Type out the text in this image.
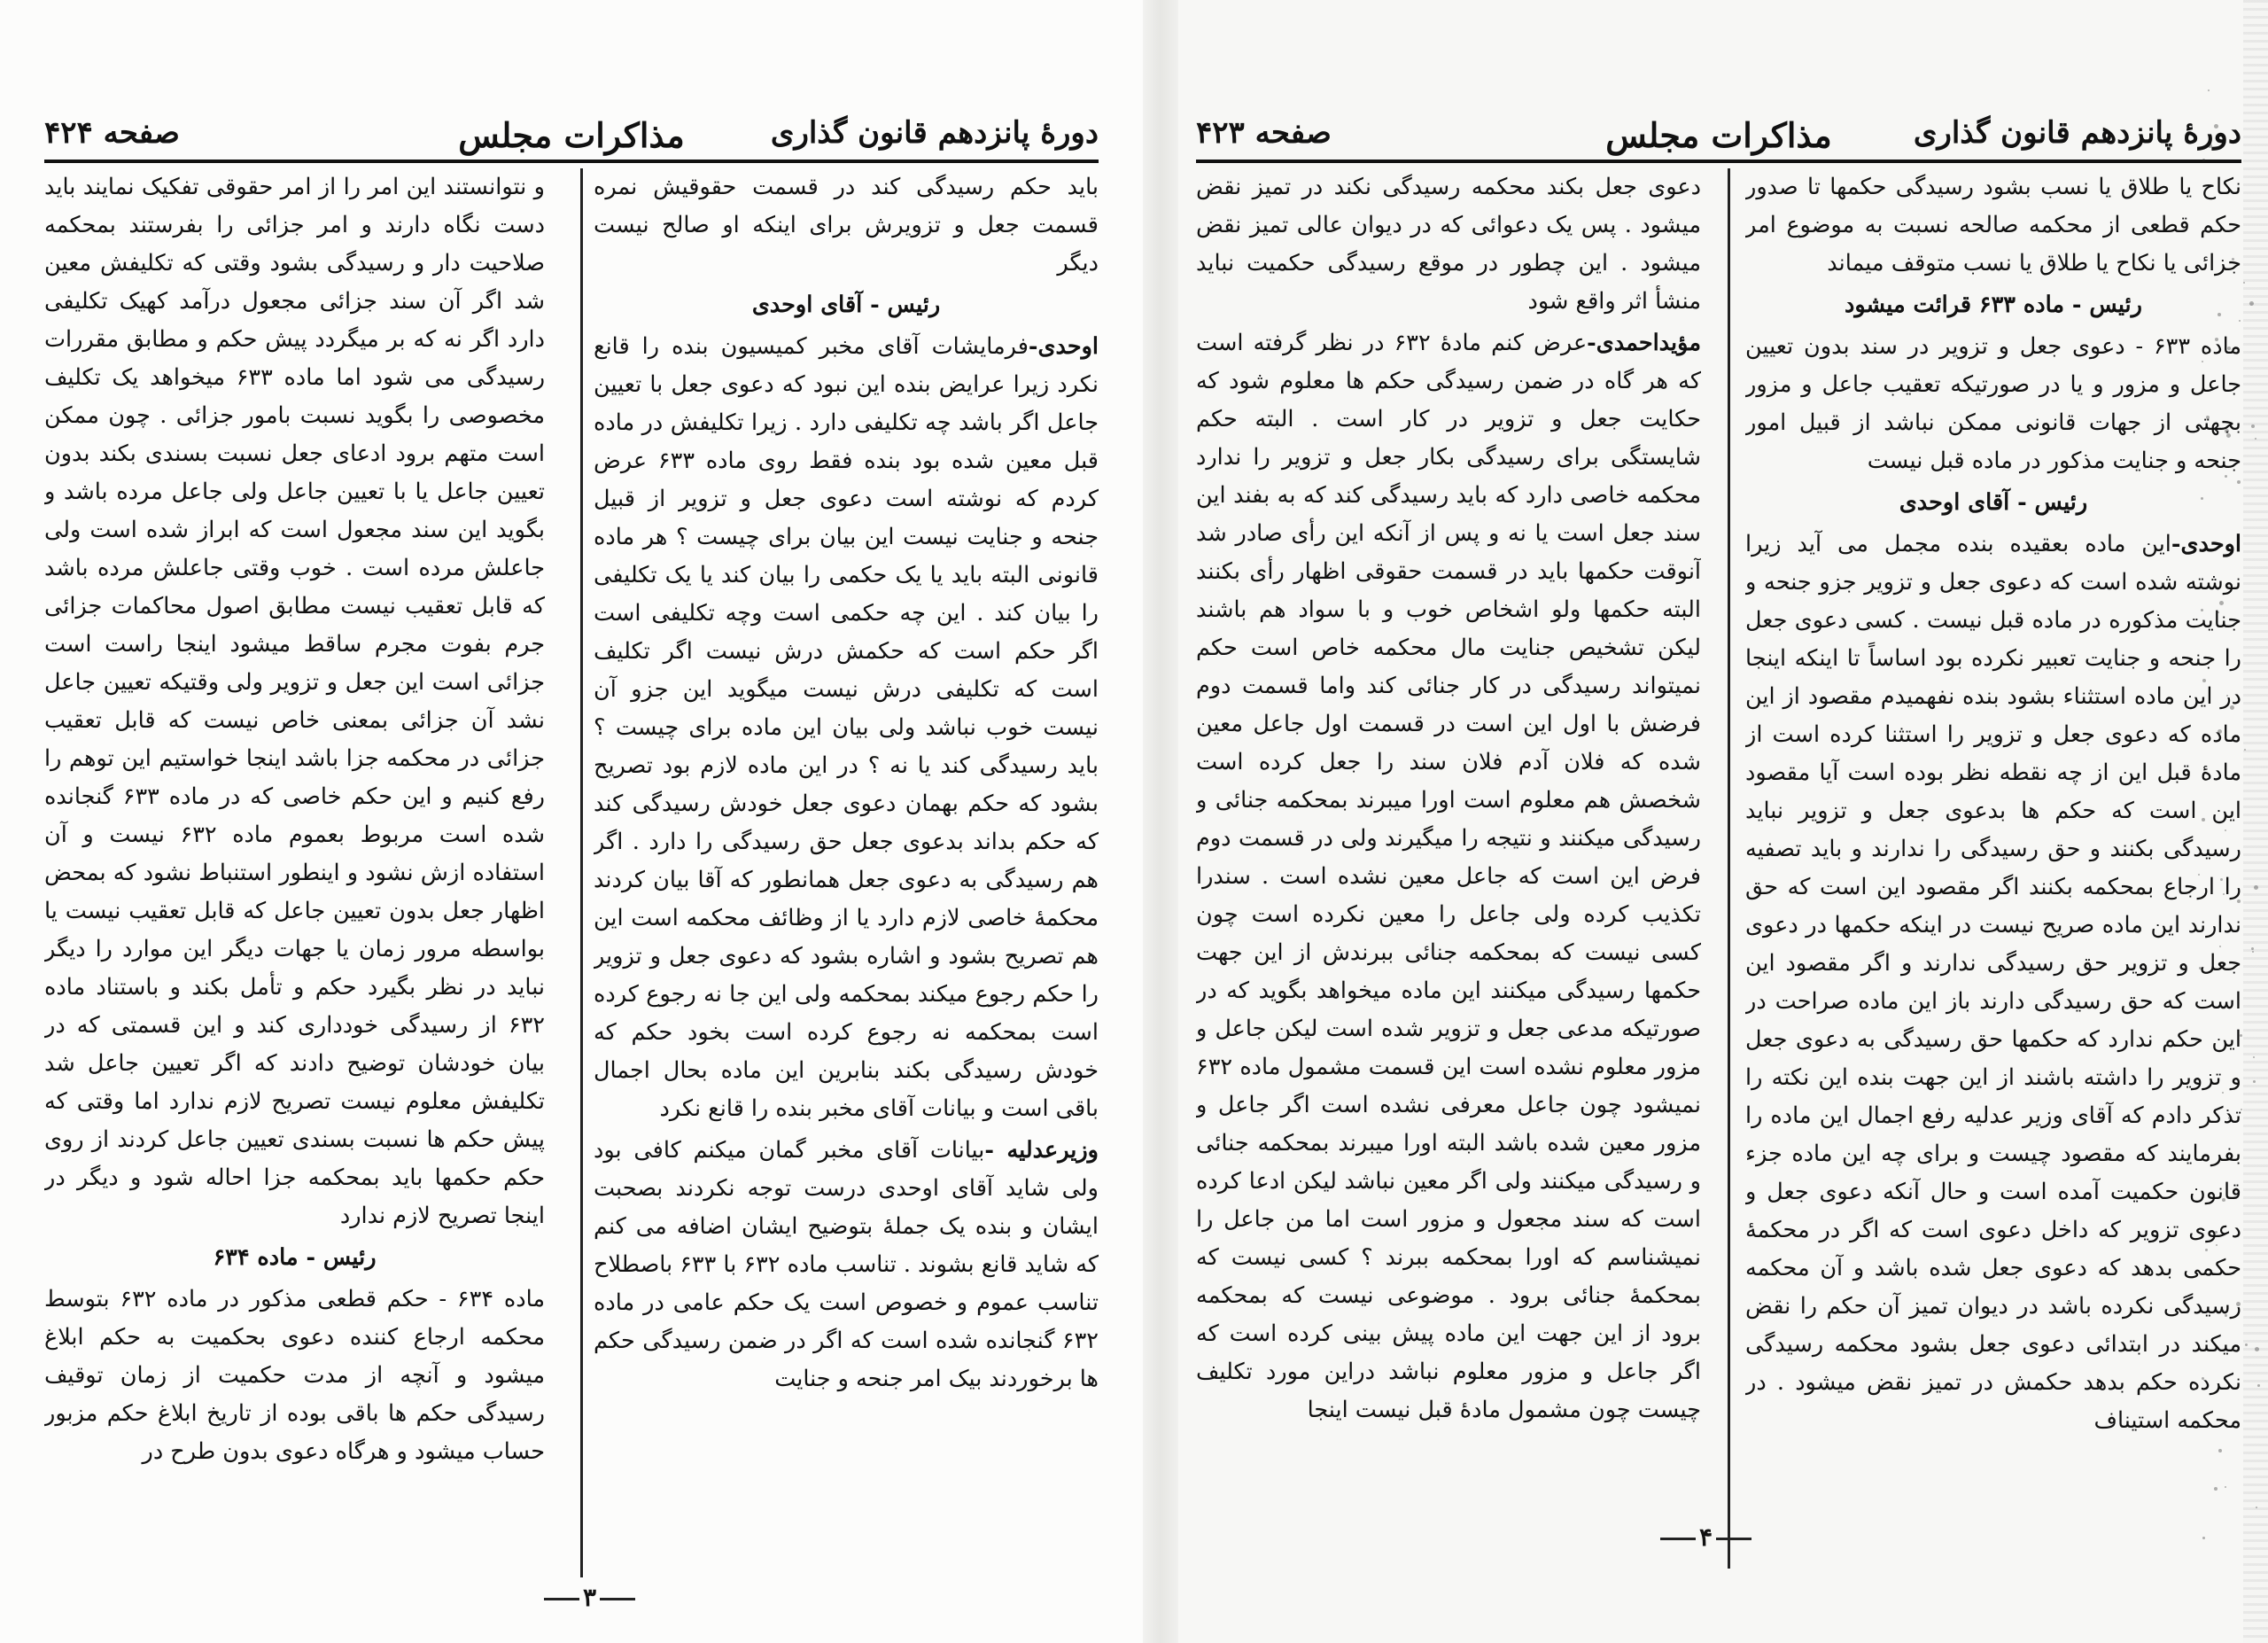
دورهٔ پانزدهم قانون گذاری
مذاکرات مجلس
صفحه ۴۲۴

باید حکم رسیدگی کند در قسمت حقوقیش نمره قسمت جعل و تزویرش برای اینکه او صالح نیست دیگر

رئیس - آقای اوحدی

اوحدی-فرمایشات آقای مخبر کمیسیون بنده را قانع نکرد زیرا عرایض بنده این نبود که دعوی جعل با تعیین جاعل اگر باشد چه تکلیفی دارد . زیرا تکلیفش در ماده قبل معین شده بود بنده فقط روی ماده ۶۳۳ عرض کردم که نوشته است دعوی جعل و تزویر از قبیل جنحه و جنایت نیست این بیان برای چیست ؟ هر ماده قانونی البته باید یا یک حکمی را بیان کند یا یک تکلیفی را بیان کند . این چه حکمی است وچه تکلیفی است اگر حکم است که حکمش درش نیست اگر تکلیف است که تکلیفی درش نیست میگوید این جزو آن نیست خوب نباشد ولی بیان این ماده برای چیست ؟ باید رسیدگی کند یا نه ؟ در این ماده لازم بود تصریح بشود که حکم بهمان دعوی جعل خودش رسیدگی کند که حکم بداند بدعوی جعل حق رسیدگی را دارد . اگر هم رسیدگی به دعوی جعل همانطور که آقا بیان کردند محکمهٔ خاصی لازم دارد یا از وظائف محکمه است این هم تصریح بشود و اشاره بشود که دعوی جعل و تزویر را حکم رجوع میکند بمحکمه ولی این جا نه رجوع کرده است بمحکمه نه رجوع کرده است بخود حکم که خودش رسیدگی بکند بنابرین این ماده بحال اجمال باقی است و بیانات آقای مخبر بنده را قانع نکرد

وزیرعدلیه -بیانات آقای مخبر گمان میکنم کافی بود ولی شاید آقای اوحدی درست توجه نکردند بصحبت ایشان و بنده یک جملهٔ بتوضیح ایشان اضافه می کنم که شاید قانع بشوند . تناسب ماده ۶۳۲ با ۶۳۳ باصطلاح تناسب عموم و خصوص است یک حکم عامی در ماده ۶۳۲ گنجانده شده است که اگر در ضمن رسیدگی حکم ها برخوردند بیک امر جنحه و جنایت

و نتوانستند این امر را از امر حقوقی تفکیک نمایند باید دست نگاه دارند و امر جزائی را بفرستند بمحکمه صلاحیت دار و رسیدگی بشود وقتی که تکلیفش معین شد اگر آن سند جزائی مجعول درآمد کهیک تکلیفی دارد اگر نه که بر میگردد پیش حکم و مطابق مقررات رسیدگی می شود اما ماده ۶۳۳ میخواهد یک تکلیف مخصوصی را بگوید نسبت بامور جزائی . چون ممکن است متهم برود ادعای جعل نسبت بسندی بکند بدون تعیین جاعل یا با تعیین جاعل ولی جاعل مرده باشد و بگوید این سند مجعول است که ابراز شده است ولی جاعلش مرده است . خوب وقتی جاعلش مرده باشد که قابل تعقیب نیست مطابق اصول محاکمات جزائی جرم بفوت مجرم ساقط میشود اینجا راست است جزائی است این جعل و تزویر ولی وقتیکه تعیین جاعل نشد آن جزائی بمعنی خاص نیست که قابل تعقیب جزائی در محکمه جزا باشد اینجا خواستیم این توهم را رفع کنیم و این حکم خاصی که در ماده ۶۳۳ گنجانده شده است مربوط بعموم ماده ۶۳۲ نیست و آن استفاده ازش نشود و اینطور استنباط نشود که بمحض اظهار جعل بدون تعیین جاعل که قابل تعقیب نیست یا بواسطه مرور زمان یا جهات دیگر این موارد را دیگر نباید در نظر بگیرد حکم و تأمل بکند و باستناد ماده ۶۳۲ از رسیدگی خودداری کند و این قسمتی که در بیان خودشان توضیح دادند که اگر تعیین جاعل شد تکلیفش معلوم نیست تصریح لازم ندارد اما وقتی که پیش حکم ها نسبت بسندی تعیین جاعل کردند از روی حکم حکمها باید بمحکمه جزا احاله شود و دیگر در اینجا تصریح لازم ندارد

رئیس - ماده ۶۳۴

ماده ۶۳۴ - حکم قطعی مذکور در ماده ۶۳۲ بتوسط محکمه ارجاع کننده دعوی بحکمیت به حکم ابلاغ میشود و آنچه از مدت حکمیت از زمان توقیف رسیدگی حکم ها باقی بوده از تاریخ ابلاغ حکم مزبور حساب میشود و هرگاه دعوی بدون طرح در

۳
دورهٔ پانزدهم قانون گذاری
مذاکرات مجلس
صفحه ۴۲۳

نکاح یا طلاق یا نسب بشود رسیدگی حکمها تا صدور حکم قطعی از محکمه صالحه نسبت به موضوع امر جزائی یا نکاح یا طلاق یا نسب متوقف میماند

رئیس - ماده ۶۳۳ قرائت میشود

ماده ۶۳۳ - دعوی جعل و تزویر در سند بدون تعیین جاعل و مزور و یا در صورتیکه تعقیب جاعل و مزور بجهتی از جهات قانونی ممکن نباشد از قبیل امور جنحه و جنایت مذکور در ماده قبل نیست

رئیس - آقای اوحدی

اوحدی-این ماده بعقیده بنده مجمل می آید زیرا نوشته شده است که دعوی جعل و تزویر جزو جنحه و جنایت مذکوره در ماده قبل نیست . کسی دعوی جعل را جنحه و جنایت تعبیر نکرده بود اساساً تا اینکه اینجا در این ماده استثناء بشود بنده نفهمیدم مقصود از این ماده که دعوی جعل و تزویر را استثنا کرده است از مادهٔ قبل این از چه نقطه نظر بوده است آیا مقصود این است که حکم ها بدعوی جعل و تزویر نباید رسیدگی بکنند و حق رسیدگی را ندارند و باید تصفیه را ارجاع بمحکمه بکنند اگر مقصود این است که حق ندارند این ماده صریح نیست در اینکه حکمها در دعوی جعل و تزویر حق رسیدگی ندارند و اگر مقصود این است که حق رسیدگی دارند باز این ماده صراحت در این حکم ندارد که حکمها حق رسیدگی به دعوی جعل و تزویر را داشته باشند از این جهت بنده این نکته را تذکر دادم که آقای وزیر عدلیه رفع اجمال این ماده را بفرمایند که مقصود چیست و برای چه این ماده جزء قانون حکمیت آمده است و حال آنکه دعوی جعل و دعوی تزویر که داخل دعوی است که اگر در محکمهٔ حکمی بدهد که دعوی جعل شده باشد و آن محکمه رسیدگی نکرده باشد در دیوان تمیز آن حکم را نقض میکند در ابتدائی دعوی جعل بشود محکمه رسیدگی نکرده حکم بدهد حکمش در تمیز نقض میشود . در محکمه استیناف

دعوی جعل بکند محکمه رسیدگی نکند در تمیز نقض میشود . پس یک دعوائی که در دیوان عالی تمیز نقض میشود . این چطور در موقع رسیدگی حکمیت نباید منشأ اثر واقع شود

مؤیداحمدی-عرض کنم مادهٔ ۶۳۲ در نظر گرفته است که هر گاه در ضمن رسیدگی حکم ها معلوم شود که حکایت جعل و تزویر در کار است . البته حکم شایستگی برای رسیدگی بکار جعل و تزویر را ندارد محکمه خاصی دارد که باید رسیدگی کند که به بفند این سند جعل است یا نه و پس از آنکه این رأی صادر شد آنوقت حکمها باید در قسمت حقوقی اظهار رأی بکنند البته حکمها ولو اشخاص خوب و با سواد هم باشند لیکن تشخیص جنایت مال محکمه خاص است حکم نمیتواند رسیدگی در کار جنائی کند واما قسمت دوم فرضش با اول این است در قسمت اول جاعل معین شده که فلان آدم فلان سند را جعل کرده است شخصش هم معلوم است اورا میبرند بمحکمه جنائی و رسیدگی میکنند و نتیجه را میگیرند ولی در قسمت دوم فرض این است که جاعل معین نشده است . سندرا تکذیب کرده ولی جاعل را معین نکرده است چون کسی نیست که بمحکمه جنائی ببرندش از این جهت حکمها رسیدگی میکنند این ماده میخواهد بگوید که در صورتیکه مدعی جعل و تزویر شده است لیکن جاعل و مزور معلوم نشده است این قسمت مشمول ماده ۶۳۲ نمیشود چون جاعل معرفی نشده است اگر جاعل و مزور معین شده باشد البته اورا میبرند بمحکمه جنائی و رسیدگی میکنند ولی اگر معین نباشد لیکن ادعا کرده است که سند مجعول و مزور است اما من جاعل را نمیشناسم که اورا بمحکمه ببرند ؟ کسی نیست که بمحکمهٔ جنائی برود . موضوعی نیست که بمحکمه برود از این جهت این ماده پیش بینی کرده است که اگر جاعل و مزور معلوم نباشد دراین مورد تکلیف چیست چون مشمول مادهٔ قبل نیست اینجا

۴
